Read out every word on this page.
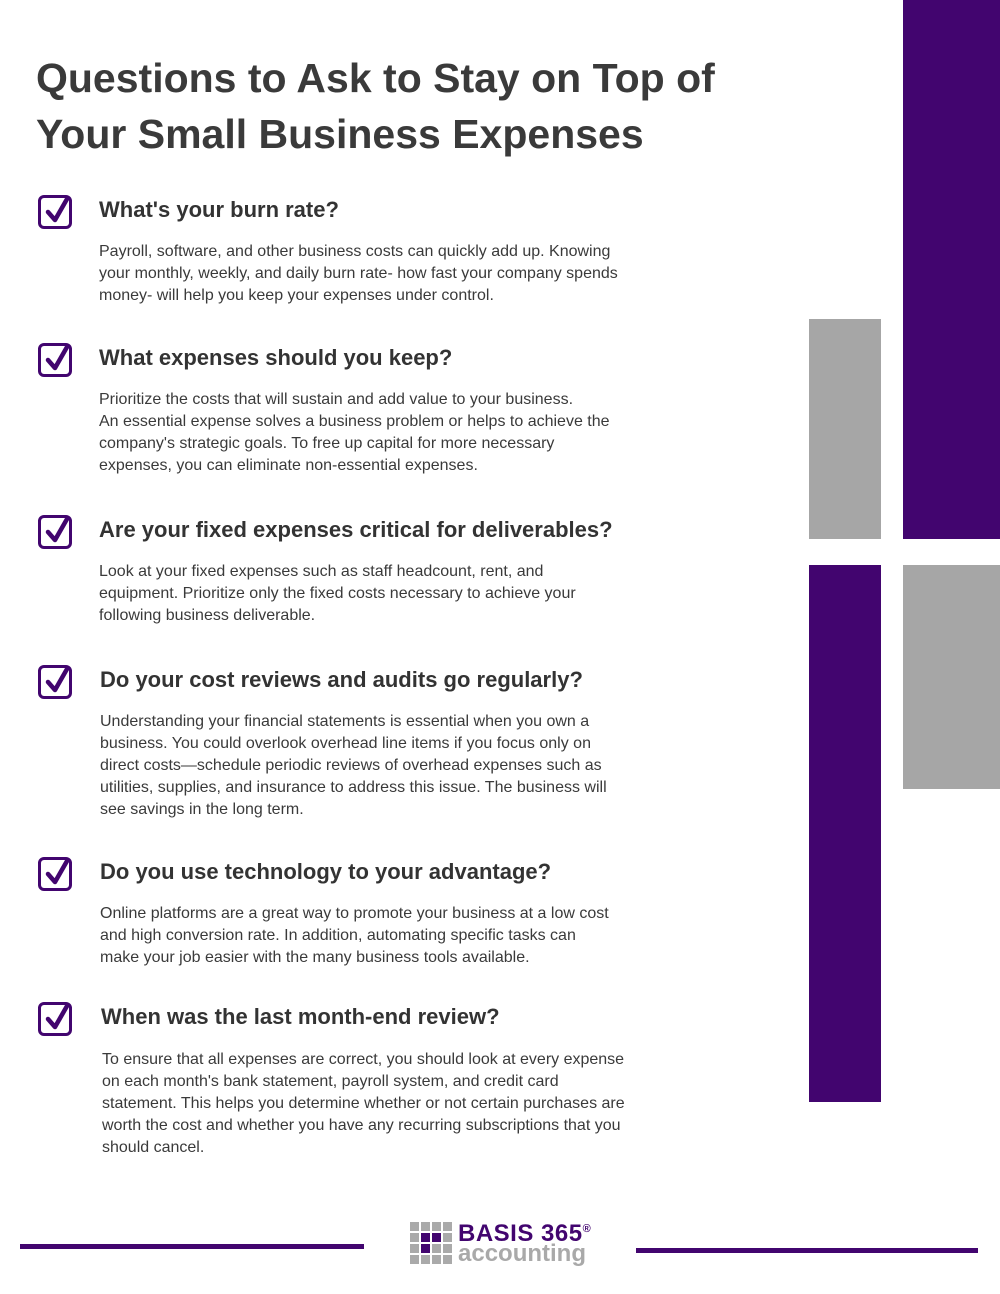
Questions to Ask to Stay on Top of
Your Small Business Expenses
What's your burn rate?

Payroll, software, and other business costs can quickly add up. Knowing
your monthly, weekly, and daily burn rate- how fast your company spends
money- will help you keep your expenses under control.

What expenses should you keep?

Prioritize the costs that will sustain and add value to your business.
An essential expense solves a business problem or helps to achieve the
company's strategic goals. To free up capital for more necessary
expenses, you can eliminate non-essential expenses.

Are your fixed expenses critical for deliverables?

Look at your fixed expenses such as staff headcount, rent, and
equipment. Prioritize only the fixed costs necessary to achieve your
following business deliverable.

Do your cost reviews and audits go regularly?

Understanding your financial statements is essential when you own a
business. You could overlook overhead line items if you focus only on
direct costs—schedule periodic reviews of overhead expenses such as
utilities, supplies, and insurance to address this issue. The business will
see savings in the long term.

Do you use technology to your advantage?

Online platforms are a great way to promote your business at a low cost
and high conversion rate. In addition, automating specific tasks can
make your job easier with the many business tools available.

When was the last month-end review?

To ensure that all expenses are correct, you should look at every expense
on each month's bank statement, payroll system, and credit card
statement. This helps you determine whether or not certain purchases are
worth the cost and whether you have any recurring subscriptions that you
should cancel.

BASIS 365®
accounting
